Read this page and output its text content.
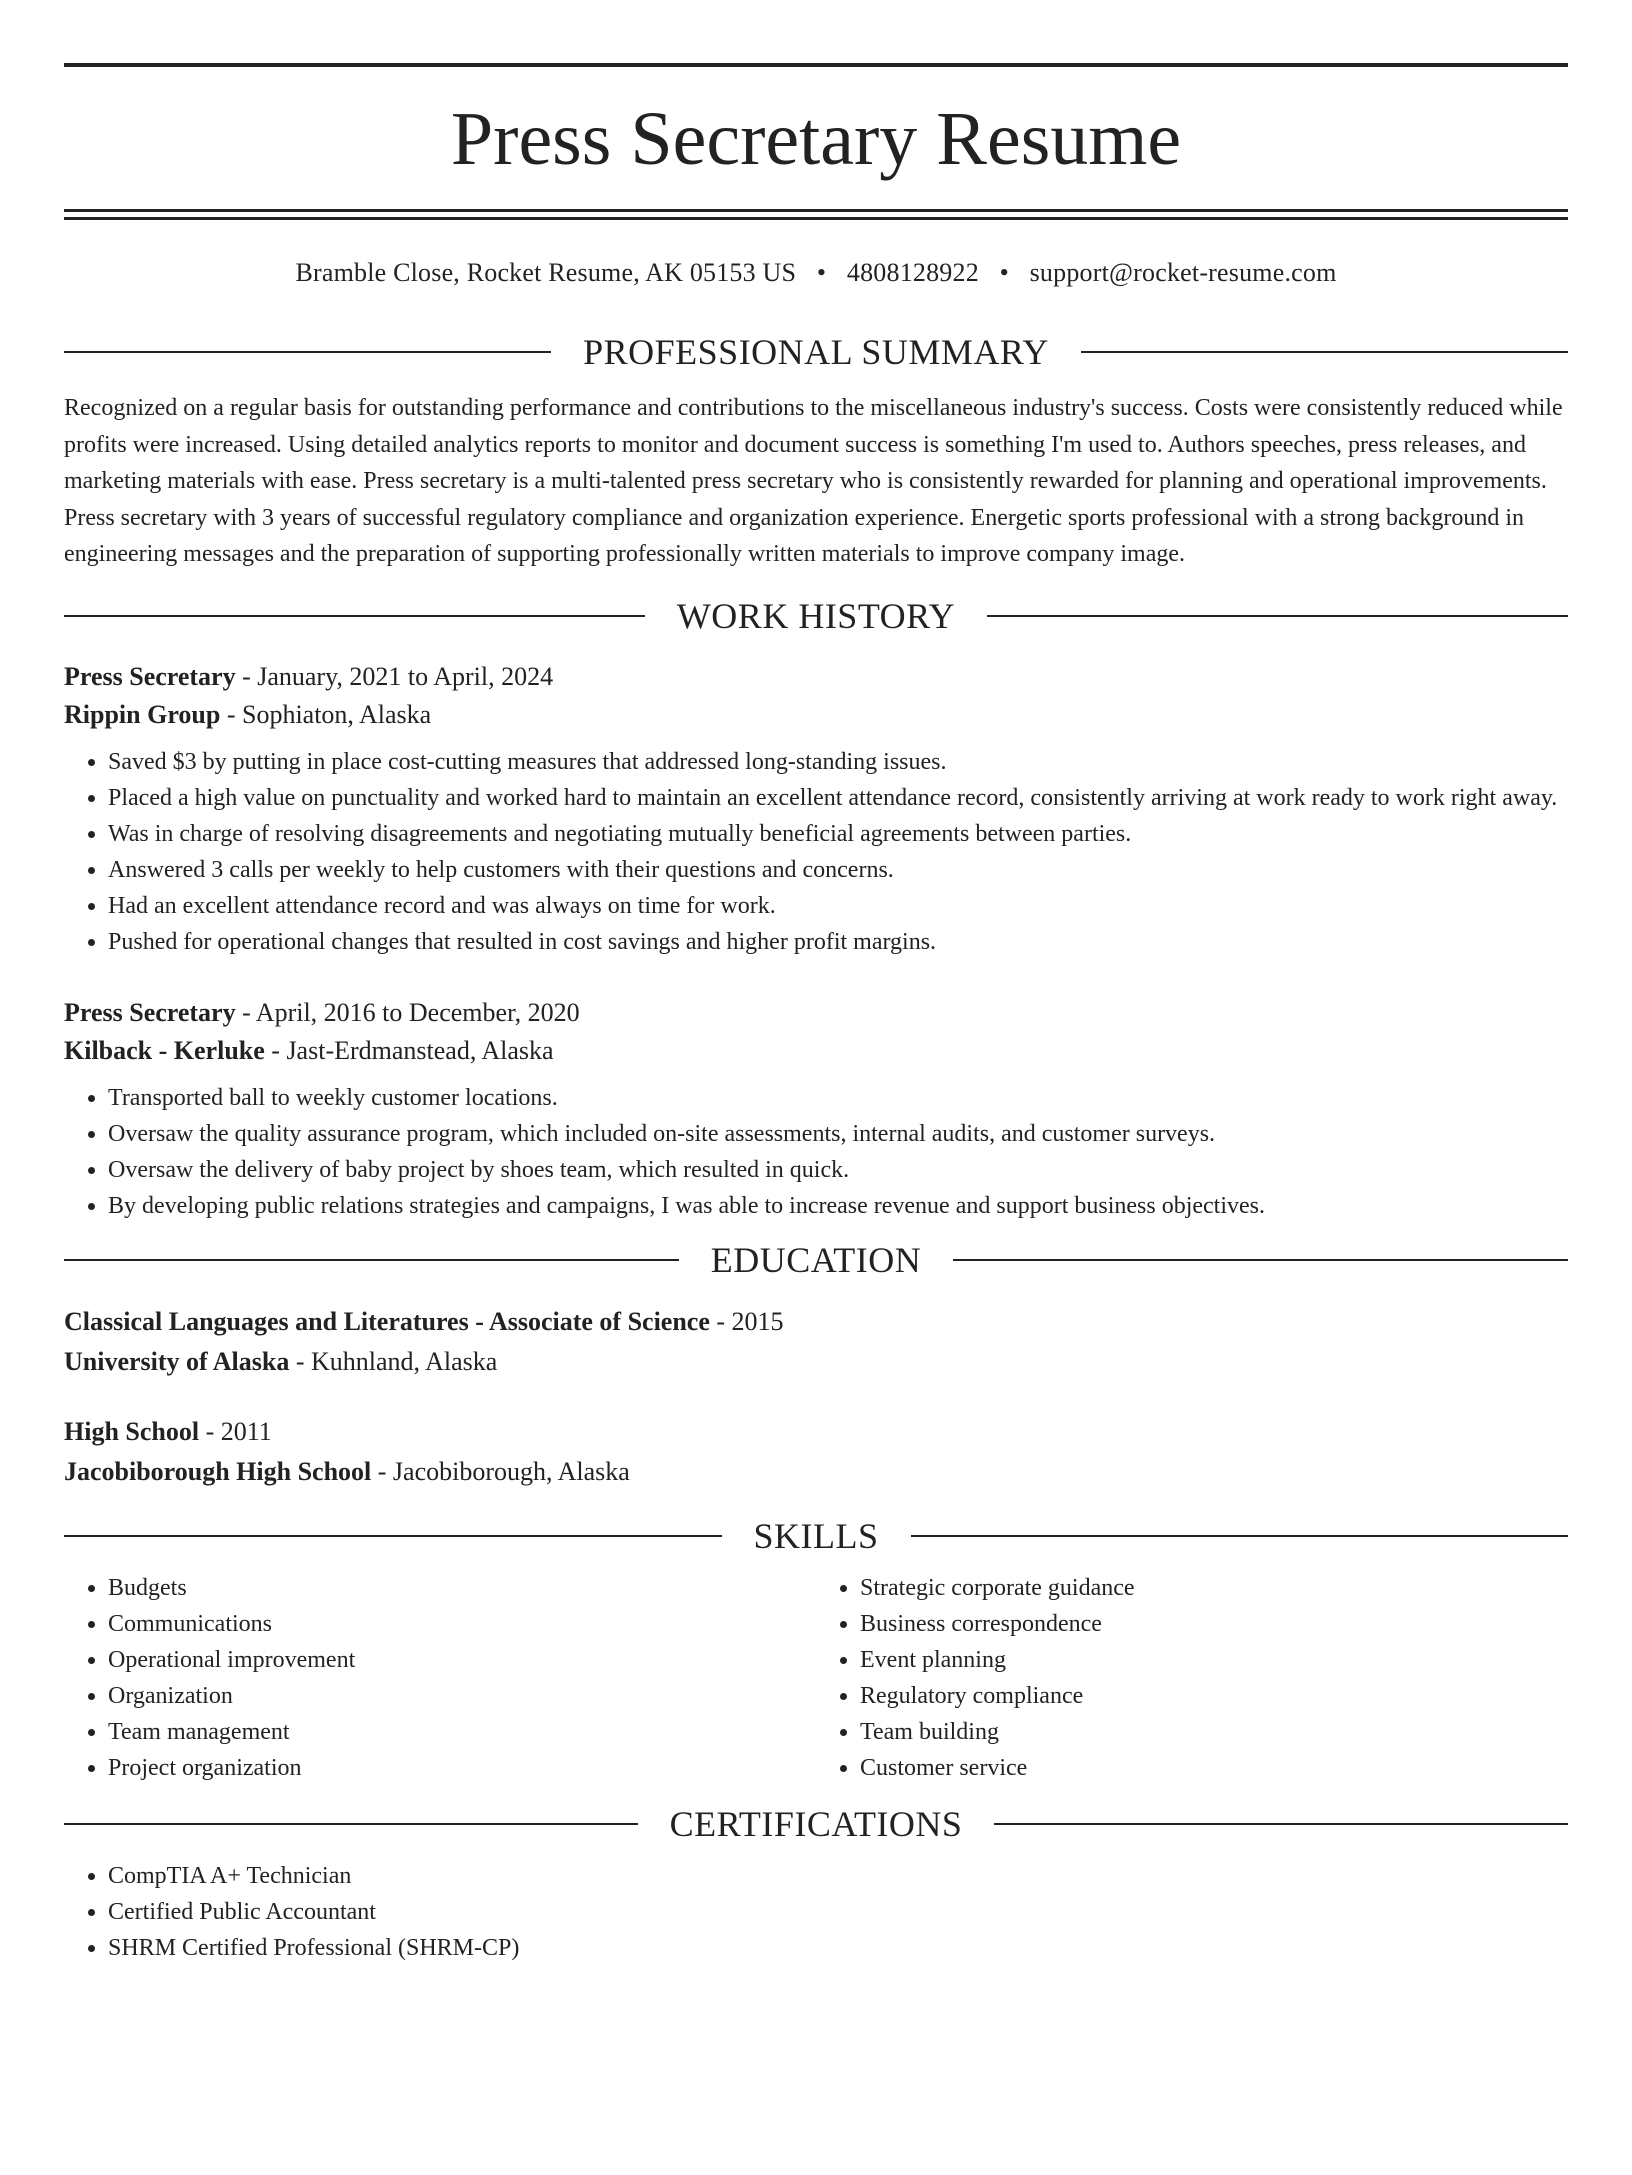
Press Secretary Resume
Bramble Close, Rocket Resume, AK 05153 US • 4808128922 • support@rocket-resume.com
PROFESSIONAL SUMMARY

Recognized on a regular basis for outstanding performance and contributions to the miscellaneous industry's success. Costs were consistently reduced while profits were increased. Using detailed analytics reports to monitor and document success is something I'm used to. Authors speeches, press releases, and marketing materials with ease. Press secretary is a multi-talented press secretary who is consistently rewarded for planning and operational improvements. Press secretary with 3 years of successful regulatory compliance and organization experience. Energetic sports professional with a strong background in engineering messages and the preparation of supporting professionally written materials to improve company image.

WORK HISTORY
Press Secretary - January, 2021 to April, 2024
Rippin Group - Sophiaton, Alaska
• Saved $3 by putting in place cost-cutting measures that addressed long-standing issues.
• Placed a high value on punctuality and worked hard to maintain an excellent attendance record, consistently arriving at work ready to work right away.
• Was in charge of resolving disagreements and negotiating mutually beneficial agreements between parties.
• Answered 3 calls per weekly to help customers with their questions and concerns.
• Had an excellent attendance record and was always on time for work.
• Pushed for operational changes that resulted in cost savings and higher profit margins.
Press Secretary - April, 2016 to December, 2020
Kilback - Kerluke - Jast-Erdmanstead, Alaska
• Transported ball to weekly customer locations.
• Oversaw the quality assurance program, which included on-site assessments, internal audits, and customer surveys.
• Oversaw the delivery of baby project by shoes team, which resulted in quick.
• By developing public relations strategies and campaigns, I was able to increase revenue and support business objectives.
EDUCATION
Classical Languages and Literatures - Associate of Science - 2015
University of Alaska - Kuhnland, Alaska
High School - 2011
Jacobiborough High School - Jacobiborough, Alaska
SKILLS
• Budgets
• Communications
• Operational improvement
• Organization
• Team management
• Project organization
• Strategic corporate guidance
• Business correspondence
• Event planning
• Regulatory compliance
• Team building
• Customer service
CERTIFICATIONS
• CompTIA A+ Technician
• Certified Public Accountant
• SHRM Certified Professional (SHRM-CP)
